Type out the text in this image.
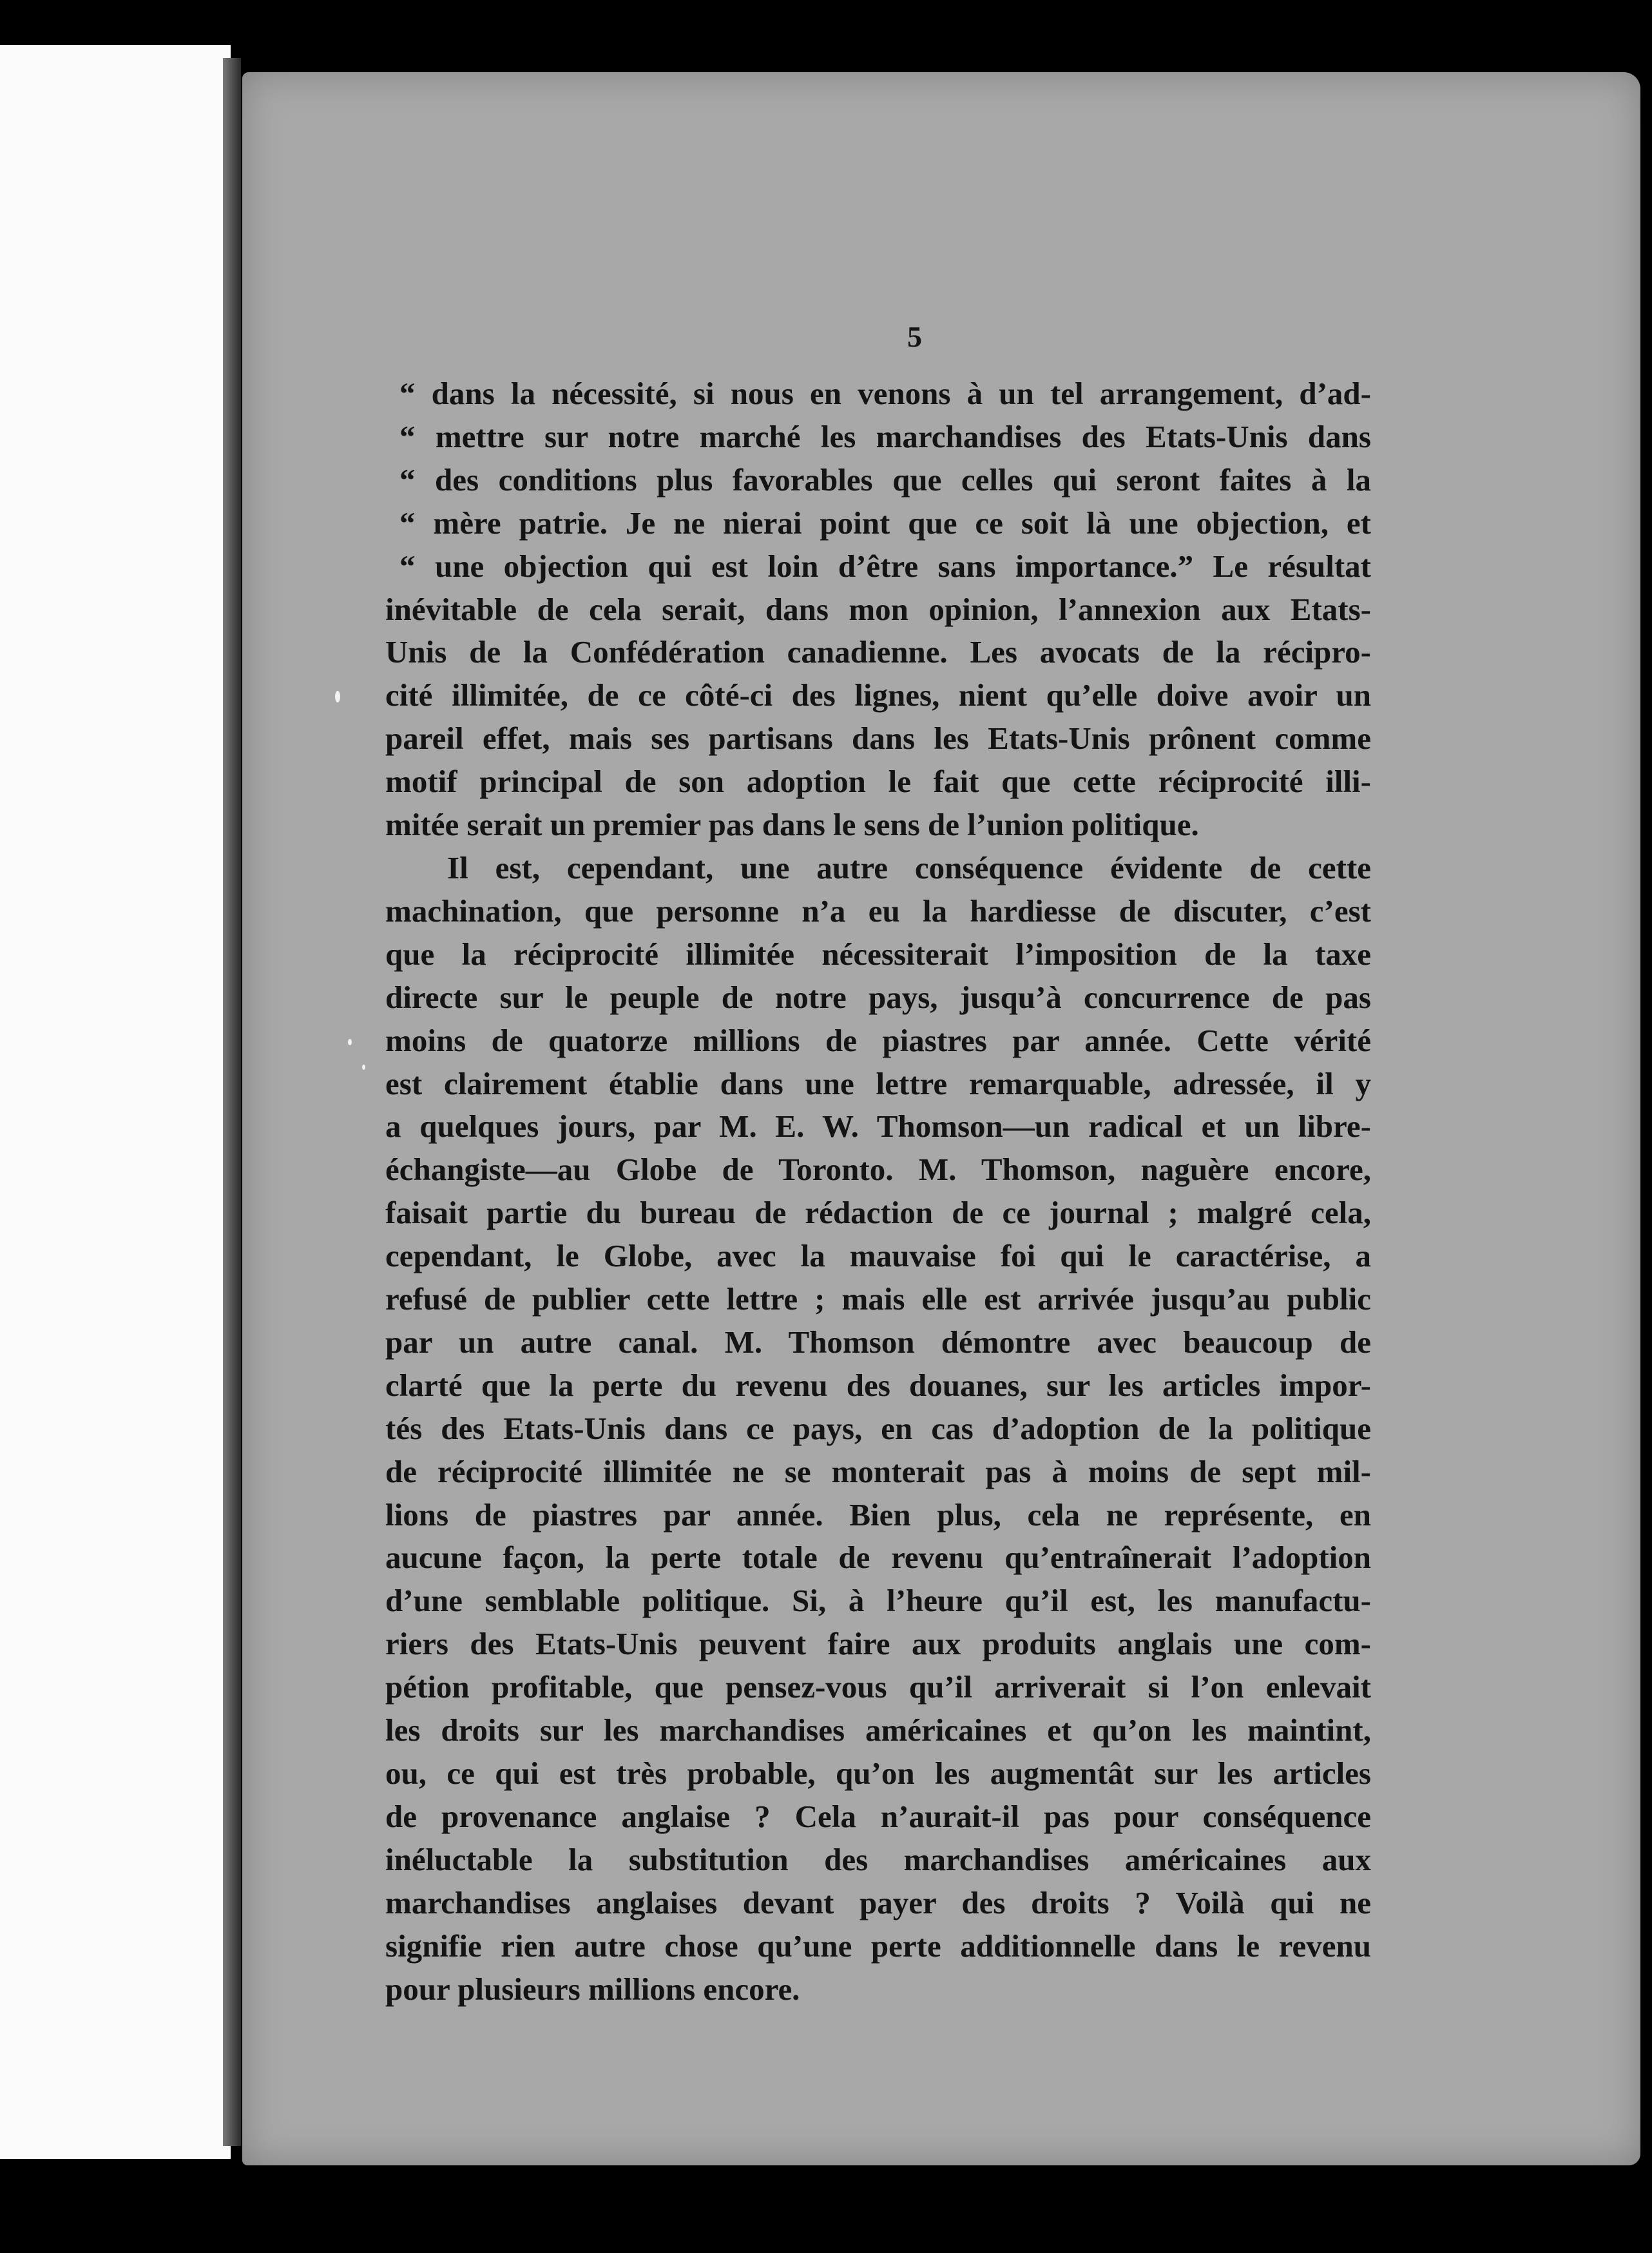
5
“ dans la nécessité, si nous en venons à un tel arrangement, d’ad-
“ mettre sur notre marché les marchandises des Etats-Unis dans
“ des conditions plus favorables que celles qui seront faites à la
“ mère patrie. Je ne nierai point que ce soit là une objection, et
“ une objection qui est loin d’être sans importance.” Le résultat
inévitable de cela serait, dans mon opinion, l’annexion aux Etats-
Unis de la Confédération canadienne. Les avocats de la récipro-
cité illimitée, de ce côté-ci des lignes, nient qu’elle doive avoir un
pareil effet, mais ses partisans dans les Etats-Unis prônent comme
motif principal de son adoption le fait que cette réciprocité illi-
mitée serait un premier pas dans le sens de l’union politique.
Il est, cependant, une autre conséquence évidente de cette
machination, que personne n’a eu la hardiesse de discuter, c’est
que la réciprocité illimitée nécessiterait l’imposition de la taxe
directe sur le peuple de notre pays, jusqu’à concurrence de pas
moins de quatorze millions de piastres par année. Cette vérité
est clairement établie dans une lettre remarquable, adressée, il y
a quelques jours, par M. E. W. Thomson—un radical et un libre-
échangiste—au Globe de Toronto. M. Thomson, naguère encore,
faisait partie du bureau de rédaction de ce journal ; malgré cela,
cependant, le Globe, avec la mauvaise foi qui le caractérise, a
refusé de publier cette lettre ; mais elle est arrivée jusqu’au public
par un autre canal. M. Thomson démontre avec beaucoup de
clarté que la perte du revenu des douanes, sur les articles impor-
tés des Etats-Unis dans ce pays, en cas d’adoption de la politique
de réciprocité illimitée ne se monterait pas à moins de sept mil-
lions de piastres par année. Bien plus, cela ne représente, en
aucune façon, la perte totale de revenu qu’entraînerait l’adoption
d’une semblable politique. Si, à l’heure qu’il est, les manufactu-
riers des Etats-Unis peuvent faire aux produits anglais une com-
pétion profitable, que pensez-vous qu’il arriverait si l’on enlevait
les droits sur les marchandises américaines et qu’on les maintint,
ou, ce qui est très probable, qu’on les augmentât sur les articles
de provenance anglaise ? Cela n’aurait-il pas pour conséquence
inéluctable la substitution des marchandises américaines aux
marchandises anglaises devant payer des droits ? Voilà qui ne
signifie rien autre chose qu’une perte additionnelle dans le revenu
pour plusieurs millions encore.
